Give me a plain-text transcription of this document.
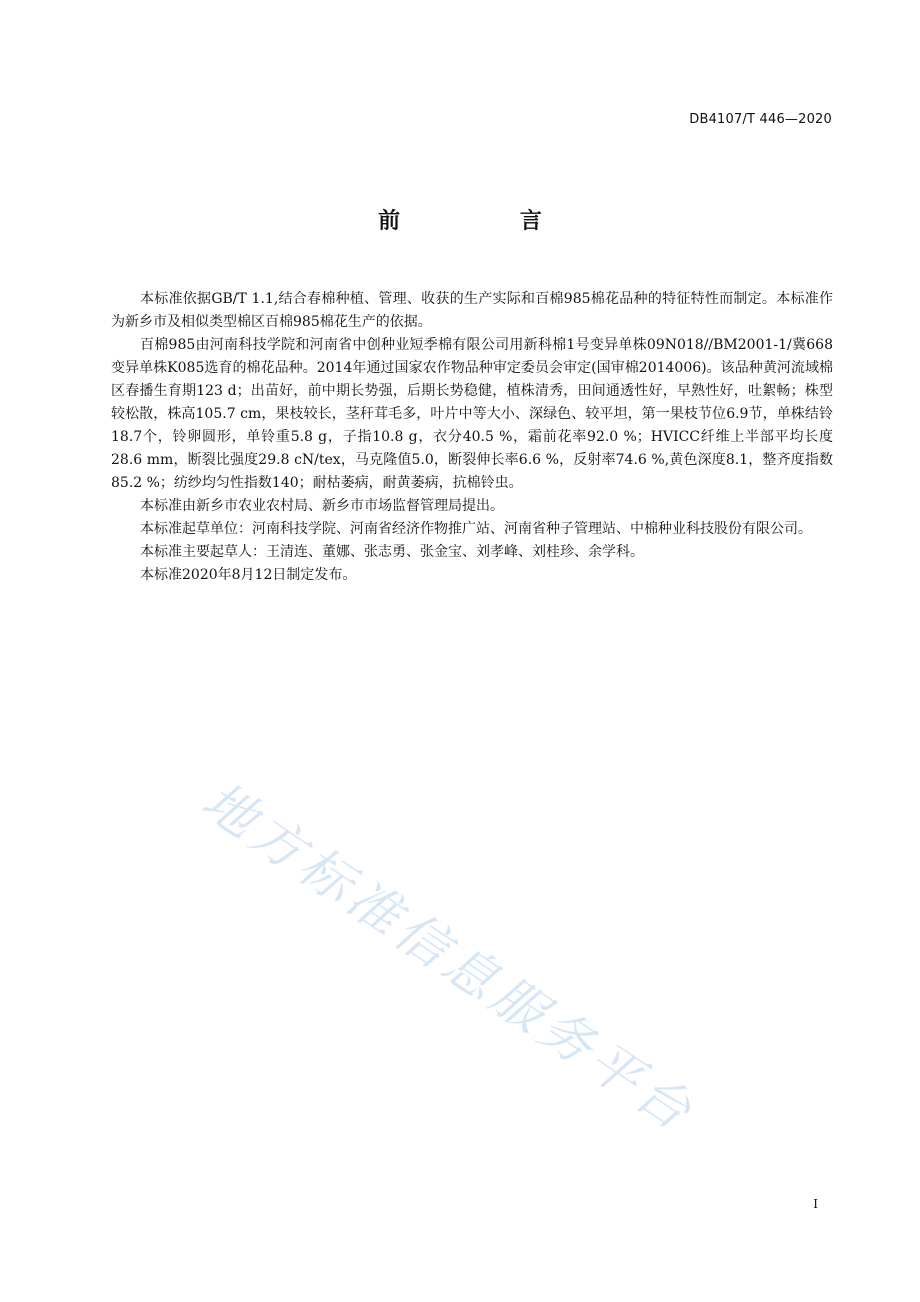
DB4107/T 446—2020
前 言

本标准依据GB/T 1.1,结合春棉种植、管理、收获的生产实际和百棉985棉花品种的特征特性而制定。本标准作为新乡市及相似类型棉区百棉985棉花生产的依据。

百棉985由河南科技学院和河南省中创种业短季棉有限公司用新科棉1号变异单株09N018//BM2001-1/冀668变异单株K085选育的棉花品种。2014年通过国家农作物品种审定委员会审定(国审棉2014006)。该品种黄河流域棉区春播生育期123 d；出苗好，前中期长势强，后期长势稳健，植株清秀，田间通透性好，早熟性好，吐絮畅；株型较松散，株高105.7 cm，果枝较长，茎秆茸毛多，叶片中等大小、深绿色、较平坦，第一果枝节位6.9节，单株结铃18.7个，铃卵圆形，单铃重5.8 g，子指10.8 g，衣分40.5 %，霜前花率92.0 %；HVICC纤维上半部平均长度28.6 mm，断裂比强度29.8 cN/tex，马克隆值5.0，断裂伸长率6.6 %，反射率74.6 %,黄色深度8.1，整齐度指数85.2 %；纺纱均匀性指数140；耐枯萎病，耐黄萎病，抗棉铃虫。

本标准由新乡市农业农村局、新乡市市场监督管理局提出。

本标准起草单位：河南科技学院、河南省经济作物推广站、河南省种子管理站、中棉种业科技股份有限公司。

本标准主要起草人：王清连、董娜、张志勇、张金宝、刘孝峰、刘桂珍、余学科。

本标准2020年8月12日制定发布。

地方标准信息服务平台
I
